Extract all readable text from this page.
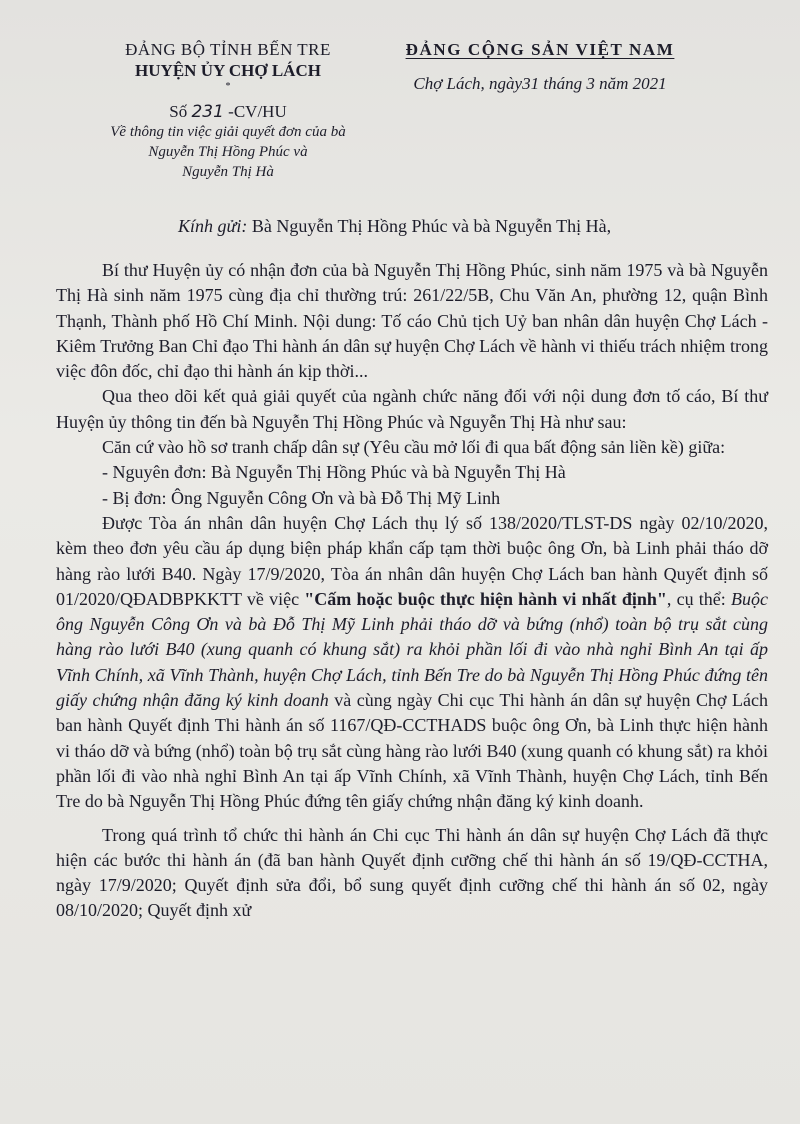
ĐẢNG BỘ TỈNH BẾN TRE
HUYỆN ỦY CHỢ LÁCH
*
Số 231 -CV/HU
Về thông tin việc giải quyết đơn của bà
Nguyễn Thị Hồng Phúc và
Nguyễn Thị Hà
ĐẢNG CỘNG SẢN VIỆT NAM
Chợ Lách, ngày31 tháng 3 năm 2021
Kính gửi: Bà Nguyễn Thị Hồng Phúc và bà Nguyễn Thị Hà,

Bí thư Huyện ủy có nhận đơn của bà Nguyễn Thị Hồng Phúc, sinh năm 1975 và bà Nguyễn Thị Hà sinh năm 1975 cùng địa chỉ thường trú: 261/22/5B, Chu Văn An, phường 12, quận Bình Thạnh, Thành phố Hồ Chí Minh. Nội dung: Tố cáo Chủ tịch Uỷ ban nhân dân huyện Chợ Lách - Kiêm Trưởng Ban Chỉ đạo Thi hành án dân sự huyện Chợ Lách về hành vi thiếu trách nhiệm trong việc đôn đốc, chỉ đạo thi hành án kịp thời...

Qua theo dõi kết quả giải quyết của ngành chức năng đối với nội dung đơn tố cáo, Bí thư Huyện ủy thông tin đến bà Nguyễn Thị Hồng Phúc và Nguyễn Thị Hà như sau:

Căn cứ vào hồ sơ tranh chấp dân sự (Yêu cầu mở lối đi qua bất động sản liền kề) giữa:

- Nguyên đơn: Bà Nguyễn Thị Hồng Phúc và bà Nguyễn Thị Hà

- Bị đơn: Ông Nguyễn Công Ơn và bà Đỗ Thị Mỹ Linh

Được Tòa án nhân dân huyện Chợ Lách thụ lý số 138/2020/TLST-DS ngày 02/10/2020, kèm theo đơn yêu cầu áp dụng biện pháp khẩn cấp tạm thời buộc ông Ơn, bà Linh phải tháo dỡ hàng rào lưới B40. Ngày 17/9/2020, Tòa án nhân dân huyện Chợ Lách ban hành Quyết định số 01/2020/QĐADBPKKTT về việc "Cấm hoặc buộc thực hiện hành vi nhất định", cụ thể: Buộc ông Nguyễn Công Ơn và bà Đỗ Thị Mỹ Linh phải tháo dỡ và bứng (nhổ) toàn bộ trụ sắt cùng hàng rào lưới B40 (xung quanh có khung sắt) ra khỏi phần lối đi vào nhà nghỉ Bình An tại ấp Vĩnh Chính, xã Vĩnh Thành, huyện Chợ Lách, tỉnh Bến Tre do bà Nguyễn Thị Hồng Phúc đứng tên giấy chứng nhận đăng ký kinh doanh và cùng ngày Chi cục Thi hành án dân sự huyện Chợ Lách ban hành Quyết định Thi hành án số 1167/QĐ-CCTHADS buộc ông Ơn, bà Linh thực hiện hành vi tháo dỡ và bứng (nhổ) toàn bộ trụ sắt cùng hàng rào lưới B40 (xung quanh có khung sắt) ra khỏi phần lối đi vào nhà nghỉ Bình An tại ấp Vĩnh Chính, xã Vĩnh Thành, huyện Chợ Lách, tỉnh Bến Tre do bà Nguyễn Thị Hồng Phúc đứng tên giấy chứng nhận đăng ký kinh doanh.

Trong quá trình tổ chức thi hành án Chi cục Thi hành án dân sự huyện Chợ Lách đã thực hiện các bước thi hành án (đã ban hành Quyết định cưỡng chế thi hành án số 19/QĐ-CCTHA, ngày 17/9/2020; Quyết định sửa đổi, bổ sung quyết định cưỡng chế thi hành án số 02, ngày 08/10/2020; Quyết định xử
